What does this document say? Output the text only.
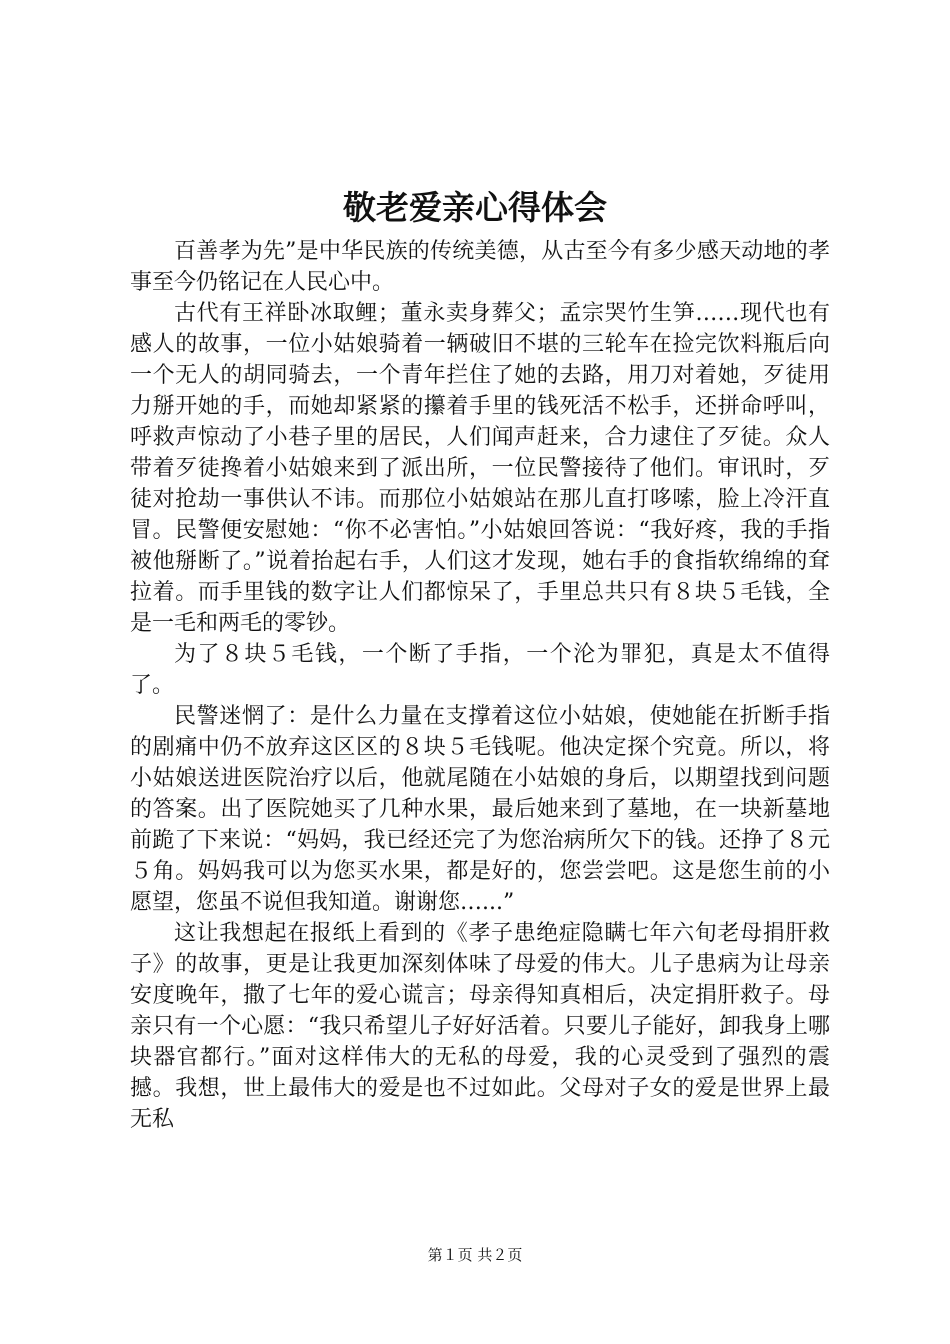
敬老爱亲心得体会

百善孝为先”是中华民族的传统美德，从古至今有多少感天动地的孝事至今仍铭记在人民心中。

古代有王祥卧冰取鲤；董永卖身葬父；孟宗哭竹生笋……现代也有感人的故事，一位小姑娘骑着一辆破旧不堪的三轮车在捡完饮料瓶后向一个无人的胡同骑去，一个青年拦住了她的去路，用刀对着她，歹徒用力掰开她的手，而她却紧紧的攥着手里的钱死活不松手，还拼命呼叫，呼救声惊动了小巷子里的居民，人们闻声赶来，合力逮住了歹徒。众人带着歹徒搀着小姑娘来到了派出所，一位民警接待了他们。审讯时，歹徒对抢劫一事供认不讳。而那位小姑娘站在那儿直打哆嗦，脸上冷汗直冒。民警便安慰她：“你不必害怕。”小姑娘回答说：“我好疼，我的手指被他掰断了。”说着抬起右手，人们这才发现，她右手的食指软绵绵的耷拉着。而手里钱的数字让人们都惊呆了，手里总共只有８块５毛钱，全是一毛和两毛的零钞。

为了８块５毛钱，一个断了手指，一个沦为罪犯，真是太不值得了。

民警迷惘了：是什么力量在支撑着这位小姑娘，使她能在折断手指的剧痛中仍不放弃这区区的８块５毛钱呢。他决定探个究竟。所以，将小姑娘送进医院治疗以后，他就尾随在小姑娘的身后，以期望找到问题的答案。出了医院她买了几种水果，最后她来到了墓地，在一块新墓地前跪了下来说：“妈妈，我已经还完了为您治病所欠下的钱。还挣了８元５角。妈妈我可以为您买水果，都是好的，您尝尝吧。这是您生前的小愿望，您虽不说但我知道。谢谢您…...”

这让我想起在报纸上看到的《孝子患绝症隐瞒七年六旬老母捐肝救子》的故事，更是让我更加深刻体味了母爱的伟大。儿子患病为让母亲安度晚年，撒了七年的爱心谎言；母亲得知真相后，决定捐肝救子。母亲只有一个心愿：“我只希望儿子好好活着。只要儿子能好，卸我身上哪块器官都行。”面对这样伟大的无私的母爱，我的心灵受到了强烈的震撼。我想，世上最伟大的爱是也不过如此。父母对子女的爱是世界上最无私

第１页 共２页
